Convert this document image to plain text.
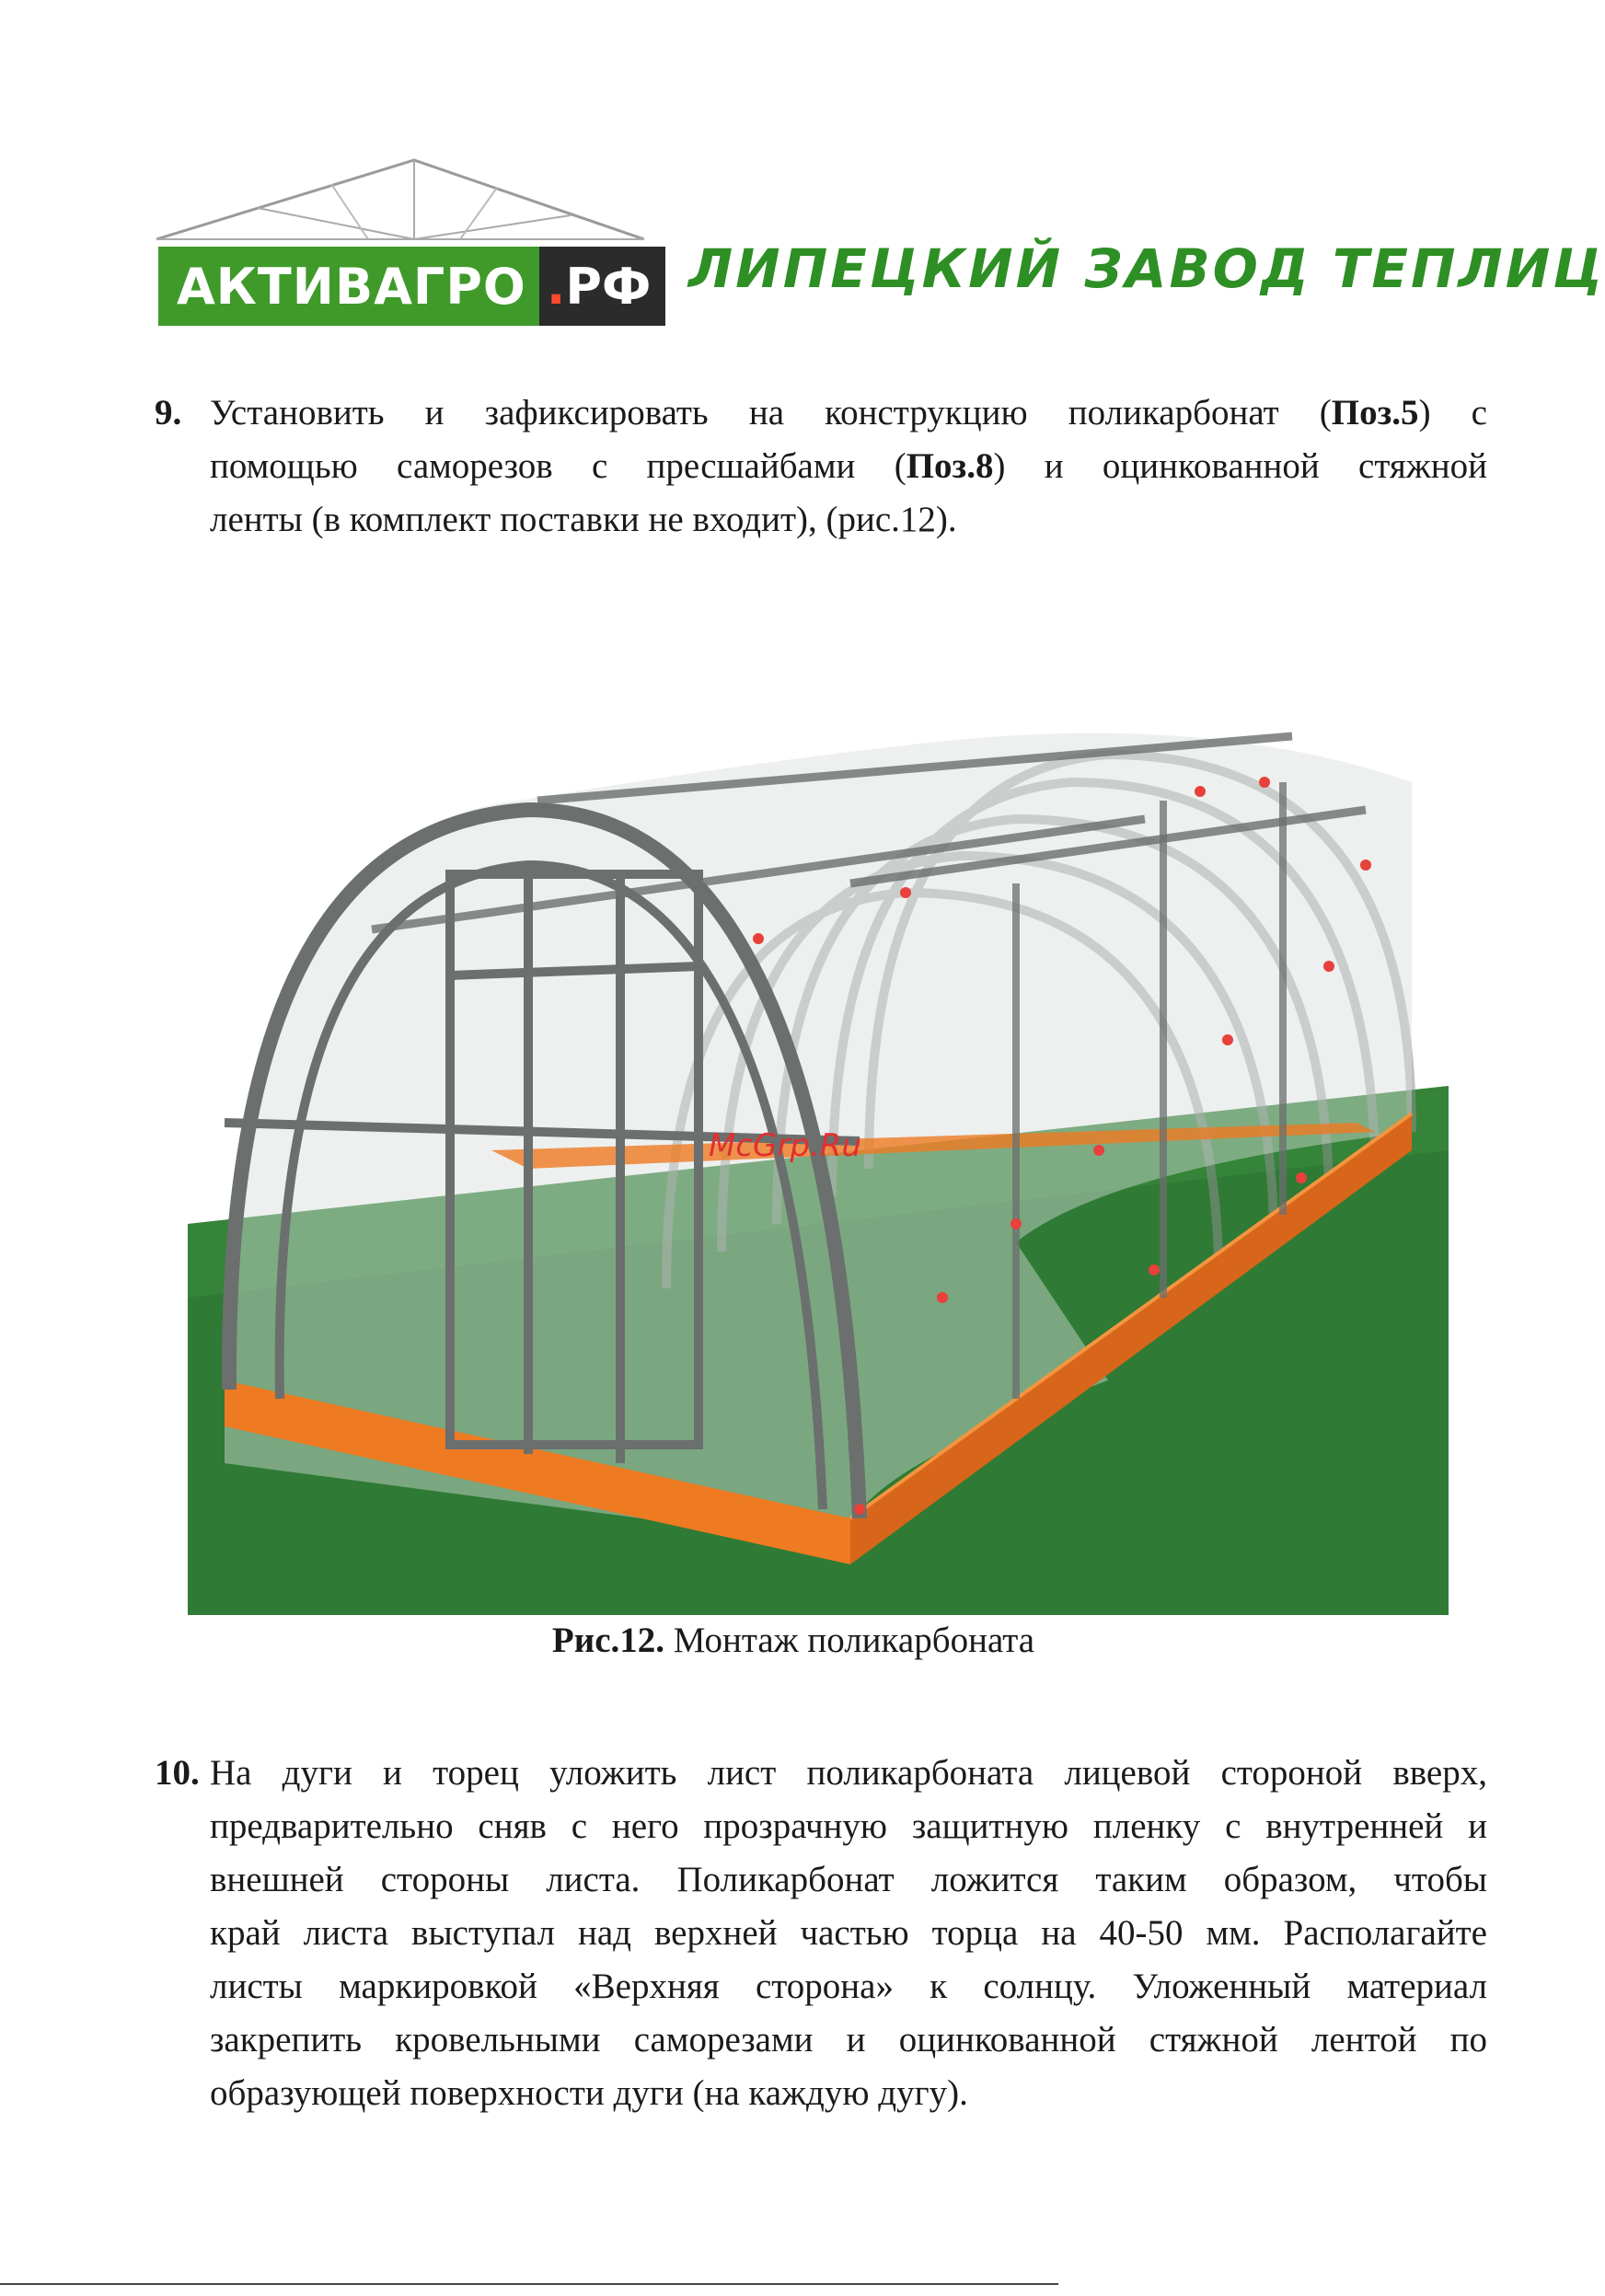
АКТИВАГРО . РФ ЛИПЕЦКИЙ ЗАВОД ТЕПЛИЦ
9. Установить и зафиксировать на конструкцию поликарбонат (Поз.5) с
помощью саморезов с пресшайбами (Поз.8) и оцинкованной стяжной
ленты (в комплект поставки не входит), (рис.12).
McGrp.Ru
Рис.12. Монтаж поликарбоната
10. На дуги и торец уложить лист поликарбоната лицевой стороной вверх,
предварительно сняв с него прозрачную защитную пленку с внутренней и
внешней стороны листа. Поликарбонат ложится таким образом, чтобы
край листа выступал над верхней частью торца на 40-50 мм. Располагайте
листы маркировкой «Верхняя сторона» к солнцу. Уложенный материал
закрепить кровельными саморезами и оцинкованной стяжной лентой по
образующей поверхности дуги (на каждую дугу).
